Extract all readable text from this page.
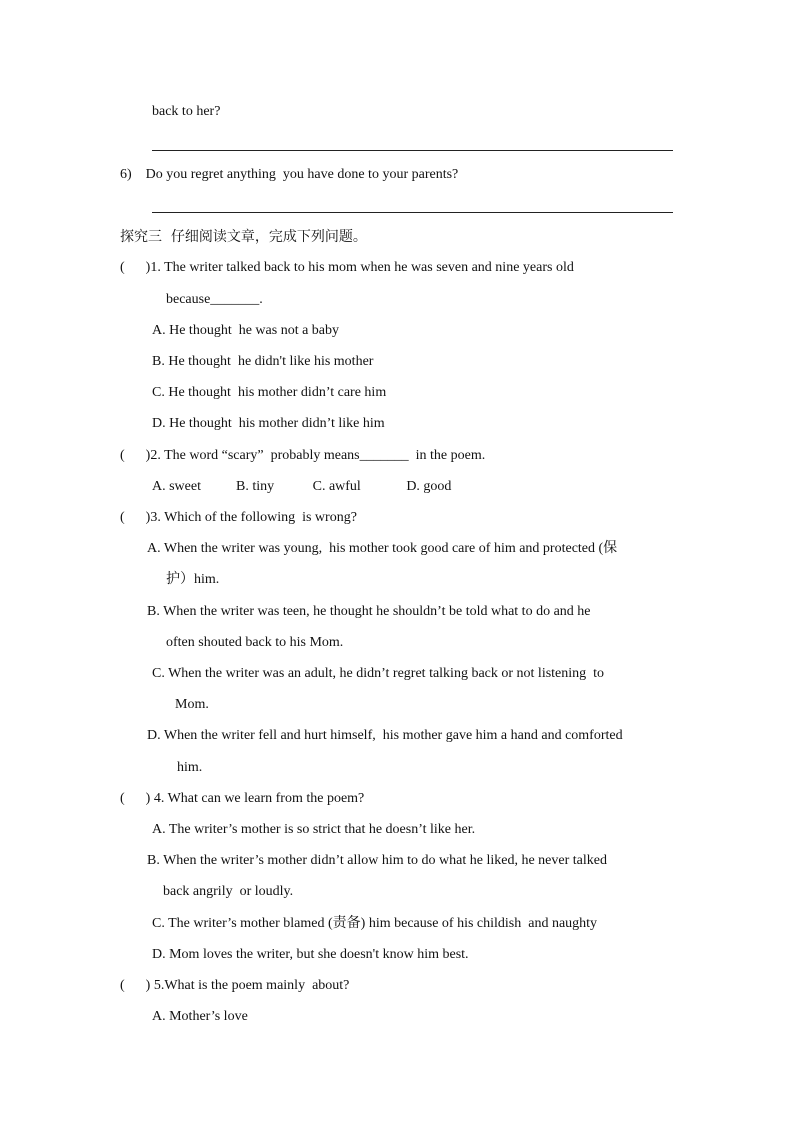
back to her?
6)    Do you regret anything  you have done to your parents?
探究三  仔细阅读文章，完成下列问题。
(      )1. The writer talked back to his mom when he was seven and nine years old
because_______.
A. He thought  he was not a baby
B. He thought  he didn't like his mother
C. He thought  his mother didn’t care him
D. He thought  his mother didn’t like him
(      )2. The word “scary”  probably means_______  in the poem.
A. sweet          B. tiny           C. awful             D. good
(      )3. Which of the following  is wrong?
A. When the writer was young,  his mother took good care of him and protected (保
护）him.
B. When the writer was teen, he thought he shouldn’t be told what to do and he
often shouted back to his Mom.
C. When the writer was an adult, he didn’t regret talking back or not listening  to
Mom.
D. When the writer fell and hurt himself,  his mother gave him a hand and comforted
him.
(      ) 4. What can we learn from the poem?
A. The writer’s mother is so strict that he doesn’t like her.
B. When the writer’s mother didn’t allow him to do what he liked, he never talked
back angrily  or loudly.
C. The writer’s mother blamed (责备) him because of his childish  and naughty
D. Mom loves the writer, but she doesn't know him best.
(      ) 5.What is the poem mainly  about?
A. Mother’s love
